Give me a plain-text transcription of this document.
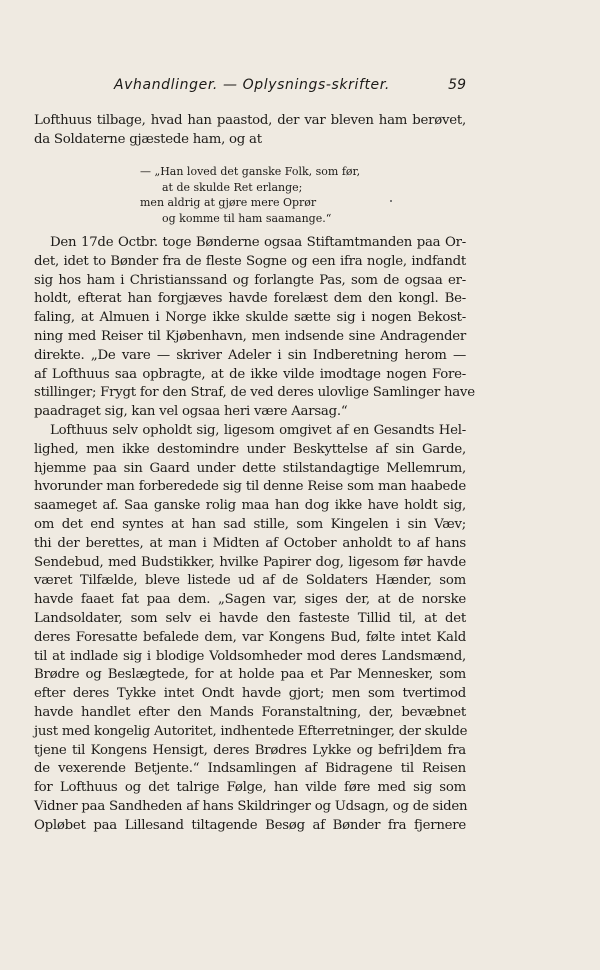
Avhandlinger. — Oplysnings-skrifter.	59
Lofthuus tilbage, hvad han paastod, der var bleven ham berøvet,
da Soldaterne gjæstede ham, og at
— „Han loved det ganske Folk, som før,
at de skulde Ret erlange;
men aldrig at gjøre mere Oprør
og komme til ham saamange.“
Den 17de Octbr. toge Bønderne ogsaa Stiftamtmanden paa Or-
det, idet to Bønder fra de fleste Sogne og een ifra nogle, indfandt
sig hos ham i Christianssand og forlangte Pas, som de ogsaa er-
holdt, efterat han forgjæves havde forelæst dem den kongl. Be-
faling, at Almuen i Norge ikke skulde sætte sig i nogen Bekost-
ning med Reiser til Kjøbenhavn, men indsende sine Andragender
direkte. „De vare — skriver Adeler i sin Indberetning herom —
af Lofthuus saa opbragte, at de ikke vilde imodtage nogen Fore-
stillinger; Frygt for den Straf, de ved deres ulovlige Samlinger have
paadraget sig, kan vel ogsaa heri være Aarsag.“
Lofthuus selv opholdt sig, ligesom omgivet af en Gesandts Hel-
lighed, men ikke destomindre under Beskyttelse af sin Garde,
hjemme paa sin Gaard under dette stilstandagtige Mellemrum,
hvorunder man forberedede sig til denne Reise som man haabede
saameget af. Saa ganske rolig maa han dog ikke have holdt sig,
om det end syntes at han sad stille, som Kingelen i sin Væv;
thi der berettes, at man i Midten af October anholdt to af hans
Sendebud, med Budstikker, hvilke Papirer dog, ligesom før havde
været Tilfælde, bleve listede ud af de Soldaters Hænder, som
havde faaet fat paa dem. „Sagen var, siges der, at de norske
Landsoldater, som selv ei havde den fasteste Tillid til, at det
deres Foresatte befalede dem, var Kongens Bud, følte intet Kald
til at indlade sig i blodige Voldsomheder mod deres Landsmænd,
Brødre og Beslægtede, for at holde paa et Par Mennesker, som
efter deres Tykke intet Ondt havde gjort; men som tvertimod
havde handlet efter den Mands Foranstaltning, der, bevæbnet
just med kongelig Autoritet, indhentede Efterretninger, der skulde
tjene til Kongens Hensigt, deres Brødres Lykke og befri]dem fra
de vexerende Betjente.“ Indsamlingen af Bidragene til Reisen
for Lofthuus og det talrige Følge, han vilde føre med sig som
Vidner paa Sandheden af hans Skildringer og Udsagn, og de siden
Opløbet paa Lillesand tiltagende Besøg af Bønder fra fjernere
